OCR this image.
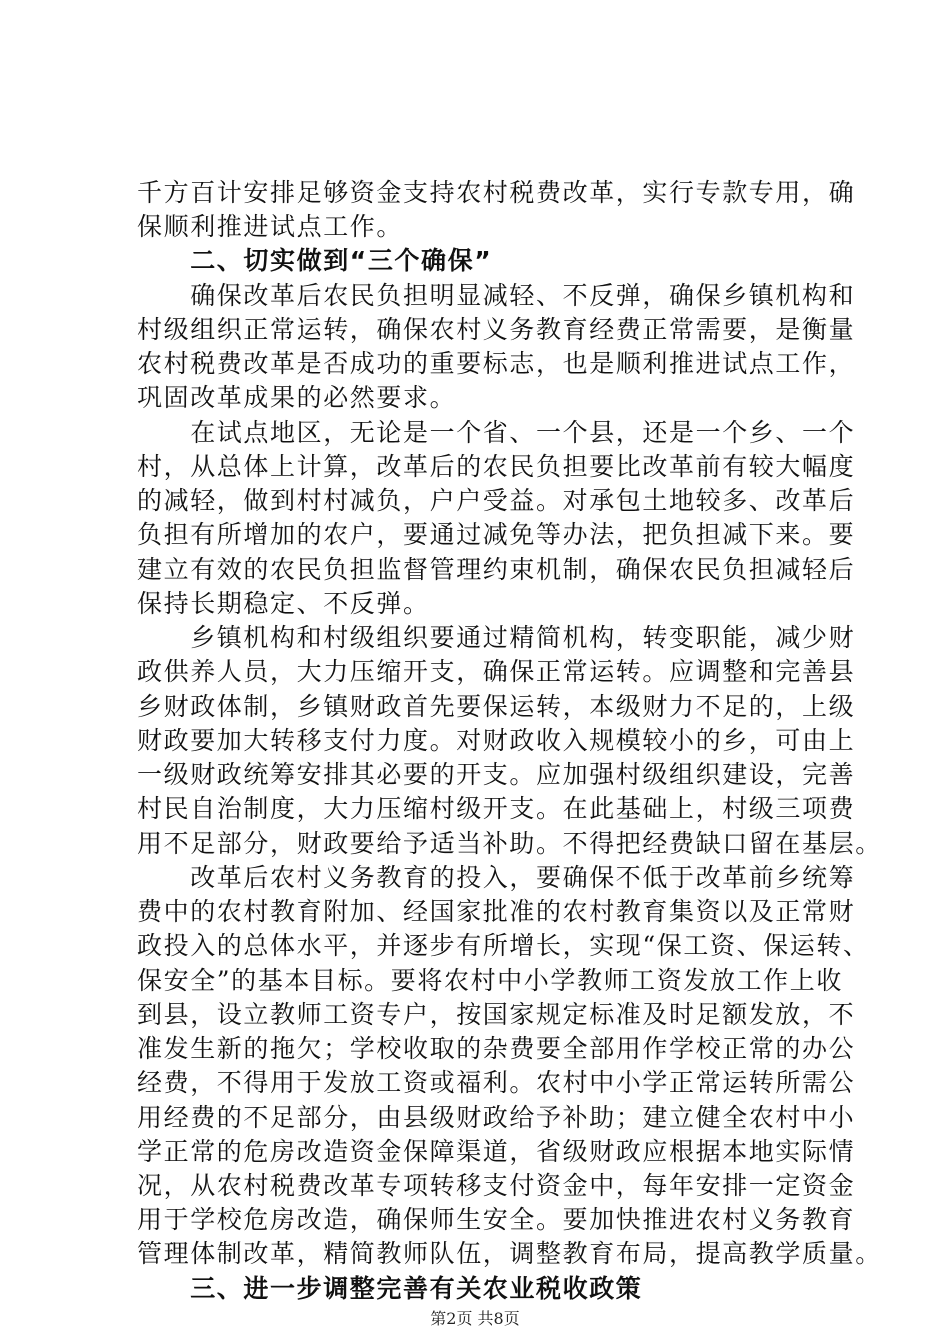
千方百计安排足够资金支持农村税费改革，实行专款专用，确
保顺利推进试点工作。
　　二、切实做到“三个确保”
　　确保改革后农民负担明显减轻、不反弹，确保乡镇机构和
村级组织正常运转，确保农村义务教育经费正常需要，是衡量
农村税费改革是否成功的重要标志，也是顺利推进试点工作，
巩固改革成果的必然要求。
　　在试点地区，无论是一个省、一个县，还是一个乡、一个
村，从总体上计算，改革后的农民负担要比改革前有较大幅度
的减轻，做到村村减负，户户受益。对承包土地较多、改革后
负担有所增加的农户，要通过减免等办法，把负担减下来。要
建立有效的农民负担监督管理约束机制，确保农民负担减轻后
保持长期稳定、不反弹。
　　乡镇机构和村级组织要通过精简机构，转变职能，减少财
政供养人员，大力压缩开支，确保正常运转。应调整和完善县
乡财政体制，乡镇财政首先要保运转，本级财力不足的，上级
财政要加大转移支付力度。对财政收入规模较小的乡，可由上
一级财政统筹安排其必要的开支。应加强村级组织建设，完善
村民自治制度，大力压缩村级开支。在此基础上，村级三项费
用不足部分，财政要给予适当补助。不得把经费缺口留在基层。
　　改革后农村义务教育的投入，要确保不低于改革前乡统筹
费中的农村教育附加、经国家批准的农村教育集资以及正常财
政投入的总体水平，并逐步有所增长，实现“保工资、保运转、
保安全”的基本目标。要将农村中小学教师工资发放工作上收
到县，设立教师工资专户，按国家规定标准及时足额发放，不
准发生新的拖欠；学校收取的杂费要全部用作学校正常的办公
经费，不得用于发放工资或福利。农村中小学正常运转所需公
用经费的不足部分，由县级财政给予补助；建立健全农村中小
学正常的危房改造资金保障渠道，省级财政应根据本地实际情
况，从农村税费改革专项转移支付资金中，每年安排一定资金
用于学校危房改造，确保师生安全。要加快推进农村义务教育
管理体制改革，精简教师队伍，调整教育布局，提高教学质量。
　　三、进一步调整完善有关农业税收政策
第2页 共8页
